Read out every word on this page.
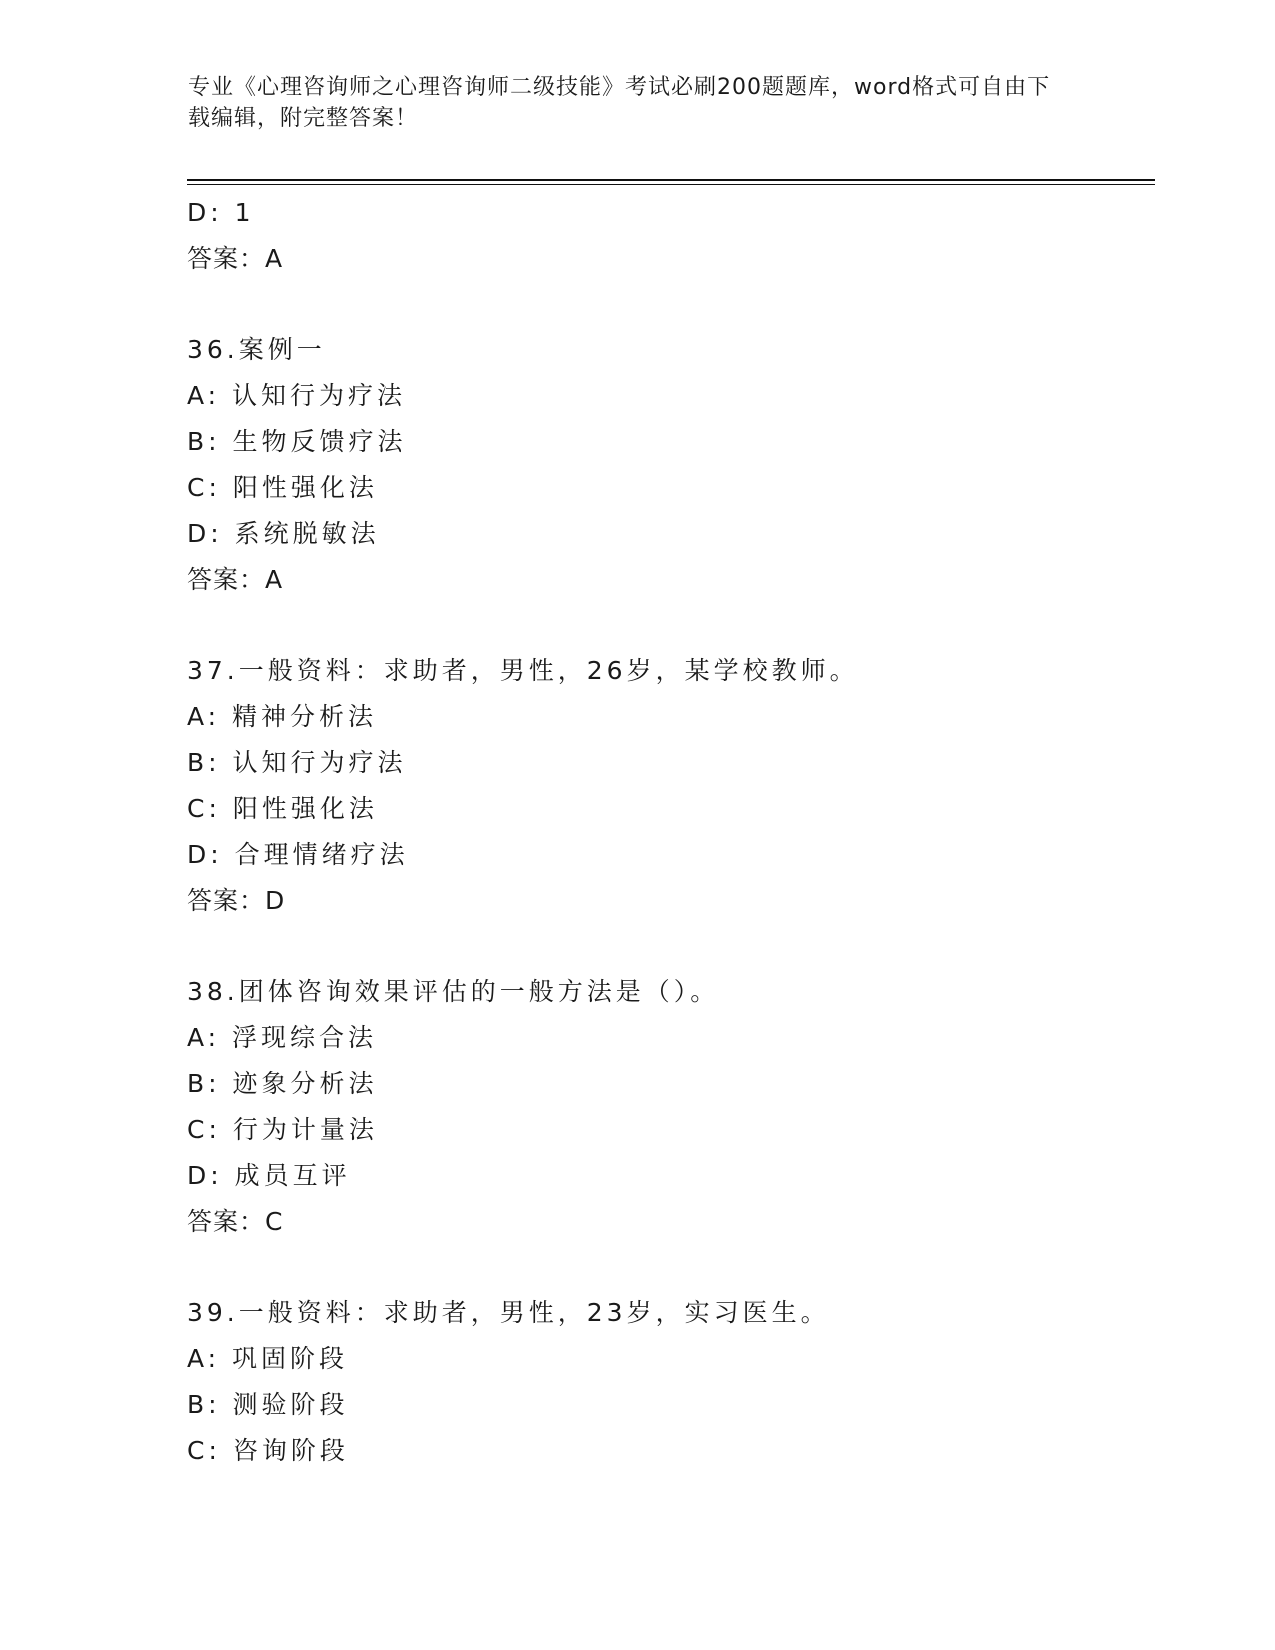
专业《心理咨询师之心理咨询师二级技能》考试必刷200题题库，word格式可自由下载编辑，附完整答案！
D: 1
答案：A
36.案例一
A: 认知行为疗法
B: 生物反馈疗法
C: 阳性强化法
D: 系统脱敏法
答案：A
37.一般资料：求助者，男性，26岁，某学校教师。
A: 精神分析法
B: 认知行为疗法
C: 阳性强化法
D: 合理情绪疗法
答案：D
38.团体咨询效果评估的一般方法是（）。
A: 浮现综合法
B: 迹象分析法
C: 行为计量法
D: 成员互评
答案：C
39.一般资料：求助者，男性，23岁，实习医生。
A: 巩固阶段
B: 测验阶段
C: 咨询阶段
